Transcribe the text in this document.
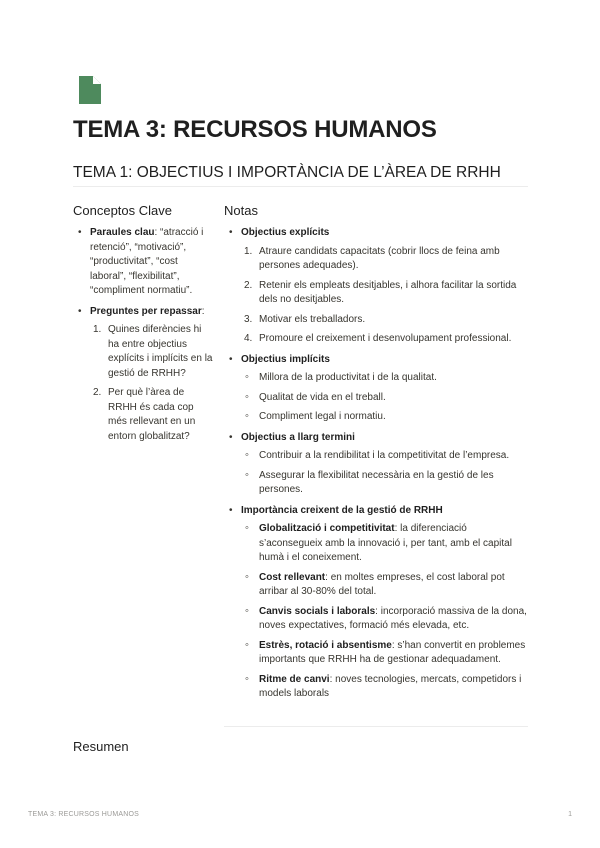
TEMA 3: RECURSOS HUMANOS
TEMA 1: OBJECTIUS I IMPORTÀNCIA DE L’ÀREA DE RRHH
Conceptos Clave
• Paraules clau: “atracció i retenció”, “motivació”, “productivitat”, “cost laboral”, “flexibilitat”, “compliment normatiu”.
• Preguntes per repassar:
1. Quines diferències hi ha entre objectius explícits i implícits en la gestió de RRHH?
2. Per què l’àrea de RRHH és cada cop més rellevant en un entorn globalitzat?
Notas
• Objectius explícits
1. Atraure candidats capacitats (cobrir llocs de feina amb persones adequades).
2. Retenir els empleats desitjables, i alhora facilitar la sortida dels no desitjables.
3. Motivar els treballadors.
4. Promoure el creixement i desenvolupament professional.
• Objectius implícits
◦ Millora de la productivitat i de la qualitat.
◦ Qualitat de vida en el treball.
◦ Compliment legal i normatiu.
• Objectius a llarg termini
◦ Contribuir a la rendibilitat i la competitivitat de l’empresa.
◦ Assegurar la flexibilitat necessària en la gestió de les persones.
• Importància creixent de la gestió de RRHH
◦ Globalització i competitivitat: la diferenciació s’aconsegueix amb la innovació i, per tant, amb el capital humà i el coneixement.
◦ Cost rellevant: en moltes empreses, el cost laboral pot arribar al 30-80% del total.
◦ Canvis socials i laborals: incorporació massiva de la dona, noves expectatives, formació més elevada, etc.
◦ Estrès, rotació i absentisme: s’han convertit en problemes importants que RRHH ha de gestionar adequadament.
◦ Ritme de canvi: noves tecnologies, mercats, competidors i models laborals
Resumen
TEMA 3: RECURSOS HUMANOS	1
